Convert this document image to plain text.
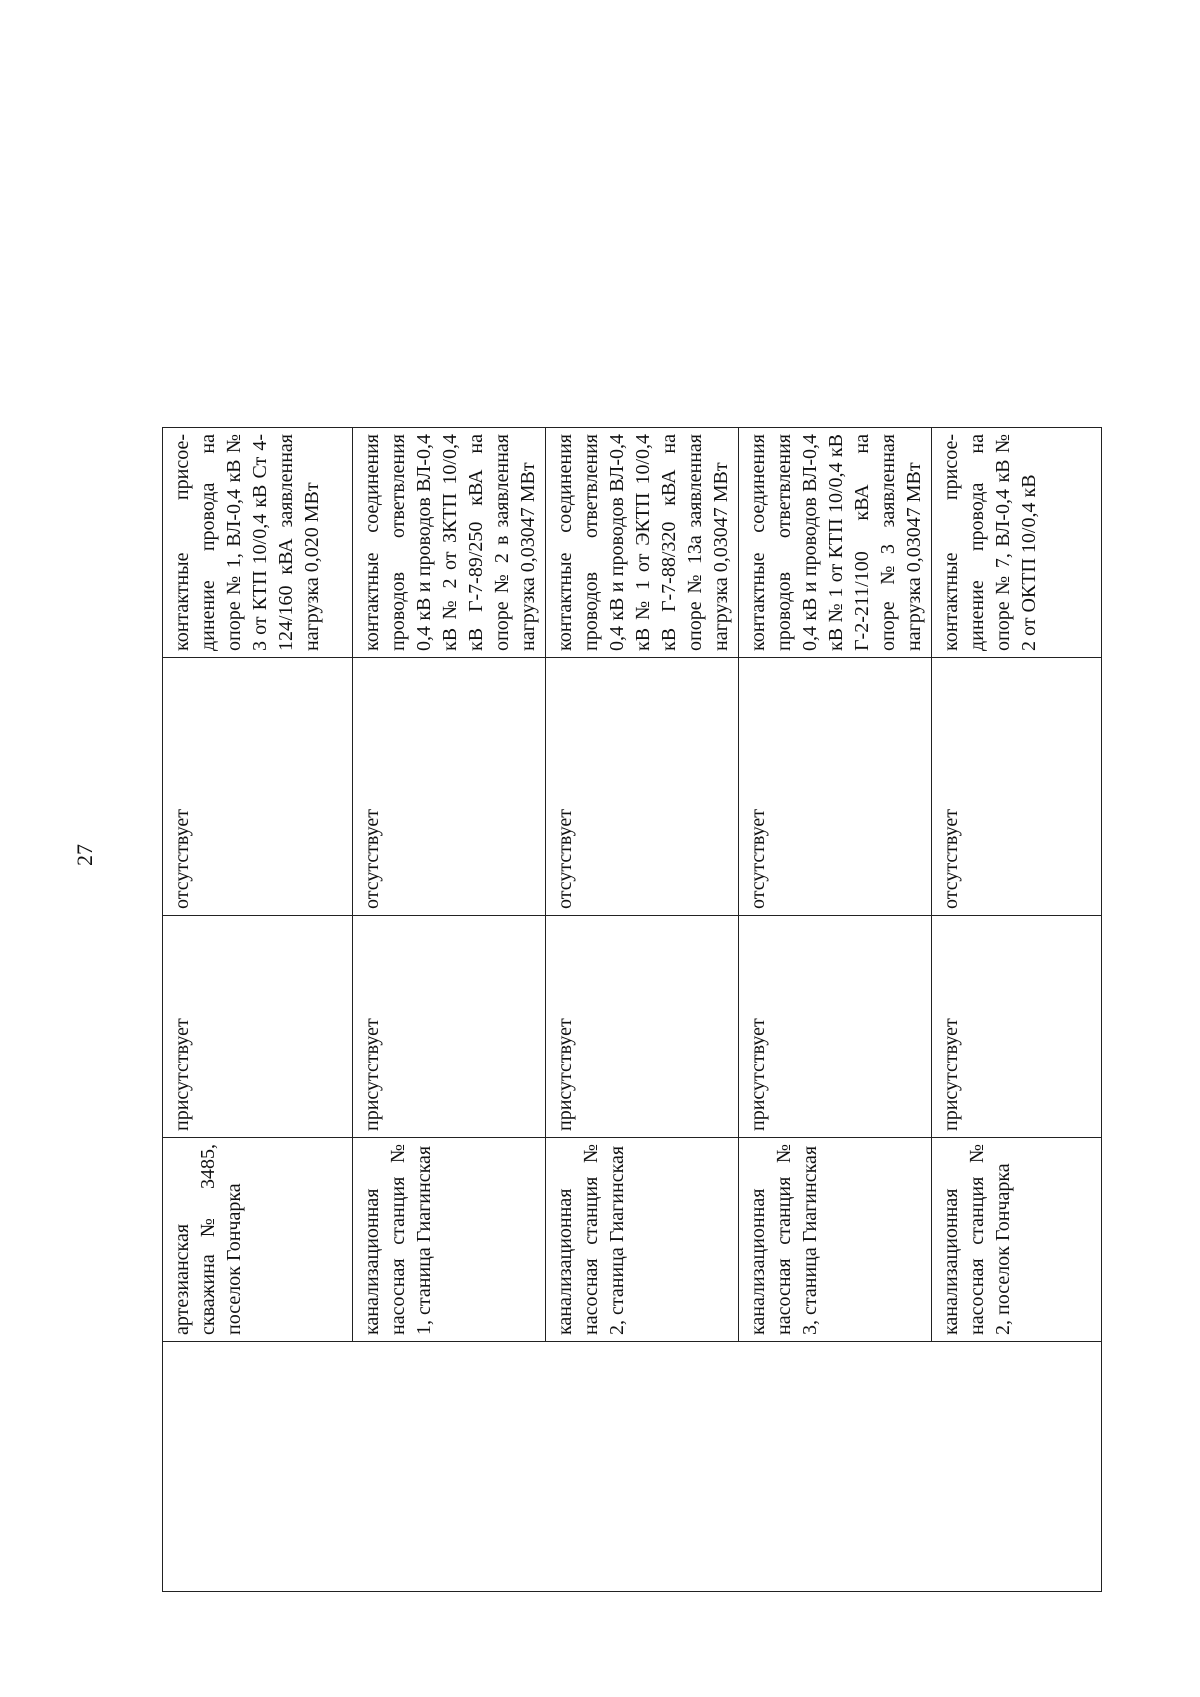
27
	артезианская скважина № 3485, поселок Гончарка	присутствует	отсутствует	контактные присое-динение провода на опоре № 1, ВЛ-0,4 кВ № 3 от КТП 10/0,4 кВ Ст 4-124/160 кВА заявленная нагрузка 0,020 МВт
	канализационная насосная станция № 1, станица Гиагинская	присутствует	отсутствует	контактные соединения проводов ответвления 0,4 кВ и проводов ВЛ-0,4 кВ № 2 от ЗКТП 10/0,4 кВ Г-7-89/250 кВА на опоре № 2 в заявленная нагрузка 0,03047 МВт
	канализационная насосная станция № 2, станица Гиагинская	присутствует	отсутствует	контактные соединения проводов ответвления 0,4 кВ и проводов ВЛ-0,4 кВ № 1 от ЭКТП 10/0,4 кВ Г-7-88/320 кВА на опоре № 13а заявленная нагрузка 0,03047 МВт
	канализационная насосная станция № 3, станица Гиагинская	присутствует	отсутствует	контактные соединения проводов ответвления 0,4 кВ и проводов ВЛ-0,4 кВ № 1 от КТП 10/0,4 кВ Г-2-211/100 кВА на опоре №3 заявленная нагрузка 0,03047 МВт
	канализационная насосная станция № 2, поселок Гончарка	присутствует	отсутствует	контактные присое-динение провода на опоре № 7, ВЛ-0,4 кВ № 2 от ОКТП 10/0,4 кВ
